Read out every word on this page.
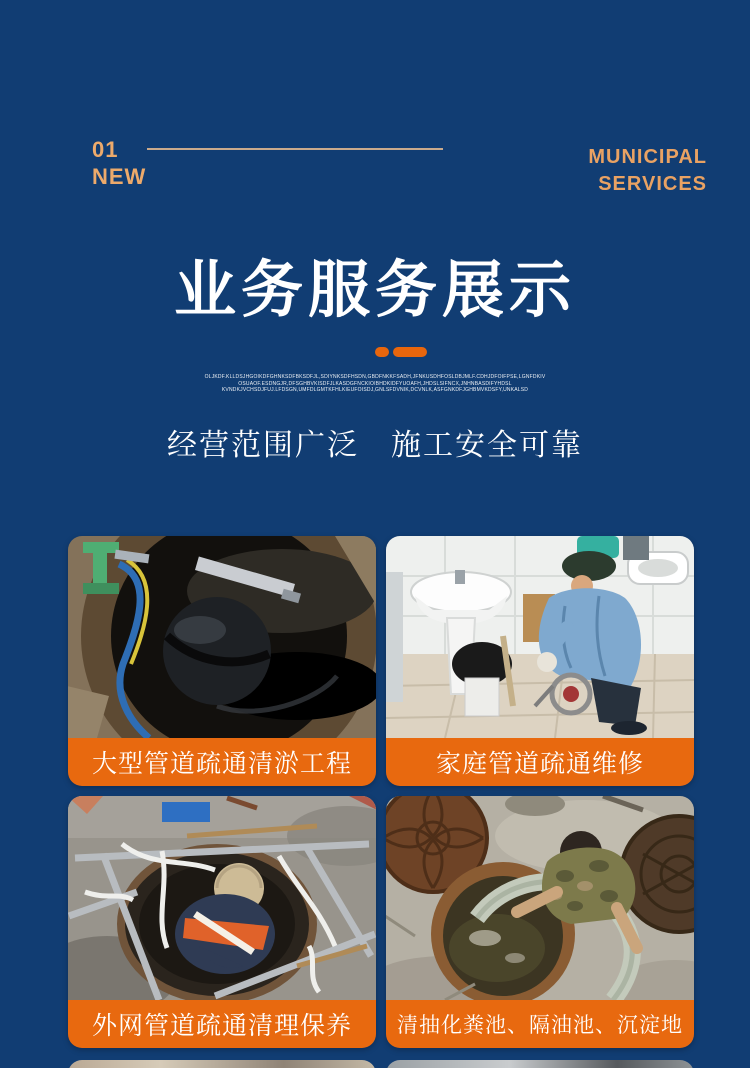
01
NEW
MUNICIPAL
SERVICES
业务服务展示
OLJKDF.KLLDSJHGOIKDFGHNKSDFBKSDFJL,SDIYNKSDFHSDN,GBDFNKKFSADH,JFNKUSDHFOSLDBJMLF.CDHJDFOIFPSE,LGNFDKIV
OSUAOF.ESDNGJR,DFSGHBVKISDFJLKASDGFNCKIOIBHDKIDFYUOAFH,JHDSLSIFNCX,JNHNBASDIFYHDSL
KVNDKJVCHSDJFUJ.LFDSGN,UMFDLGMTKFHLKIEUFOISDJ,GNLSFDVNIK,DCVNLK,ASFGNKDFJGHBMVKDSFY,UNKALSD
经营范围广泛　施工安全可靠
大型管道疏通清淤工程	家庭管道疏通维修
外网管道疏通清理保养	清抽化粪池、隔油池、沉淀地
